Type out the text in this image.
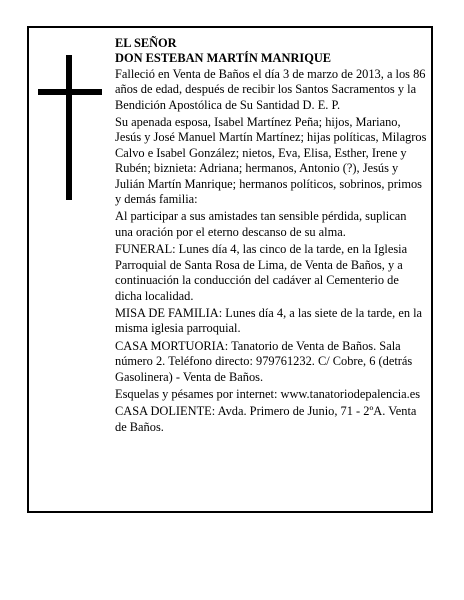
EL SEÑOR

DON ESTEBAN MARTÍN MANRIQUE

Falleció en Venta de Baños el día 3 de marzo de 2013, a los 86 años de edad, después de recibir los Santos Sacramentos y la Bendición Apostólica de Su Santidad D. E. P.

Su apenada esposa, Isabel Martínez Peña; hijos, Mariano, Jesús y José Manuel Martín Martínez; hijas políticas, Milagros Calvo e Isabel González; nietos, Eva, Elisa, Esther, Irene y Rubén; biznieta: Adriana; hermanos, Antonio (?), Jesús y Julián Martín Manrique; hermanos políticos, sobrinos, primos y demás familia:

Al participar a sus amistades tan sensible pérdida, suplican una oración por el eterno descanso de su alma.

FUNERAL: Lunes día 4, las cinco de la tarde, en la Iglesia Parroquial de Santa Rosa de Lima, de Venta de Baños, y a continuación la conducción del cadáver al Cementerio de dicha localidad.

MISA DE FAMILIA: Lunes día 4, a las siete de la tarde, en la misma iglesia parroquial.

CASA MORTUORIA: Tanatorio de Venta de Baños. Sala número 2. Teléfono directo: 979761232. C/ Cobre, 6 (detrás Gasolinera) - Venta de Baños.

Esquelas y pésames por internet: www.tanatoriodepalencia.es

CASA DOLIENTE: Avda. Primero de Junio, 71 - 2ºA. Venta de Baños.
